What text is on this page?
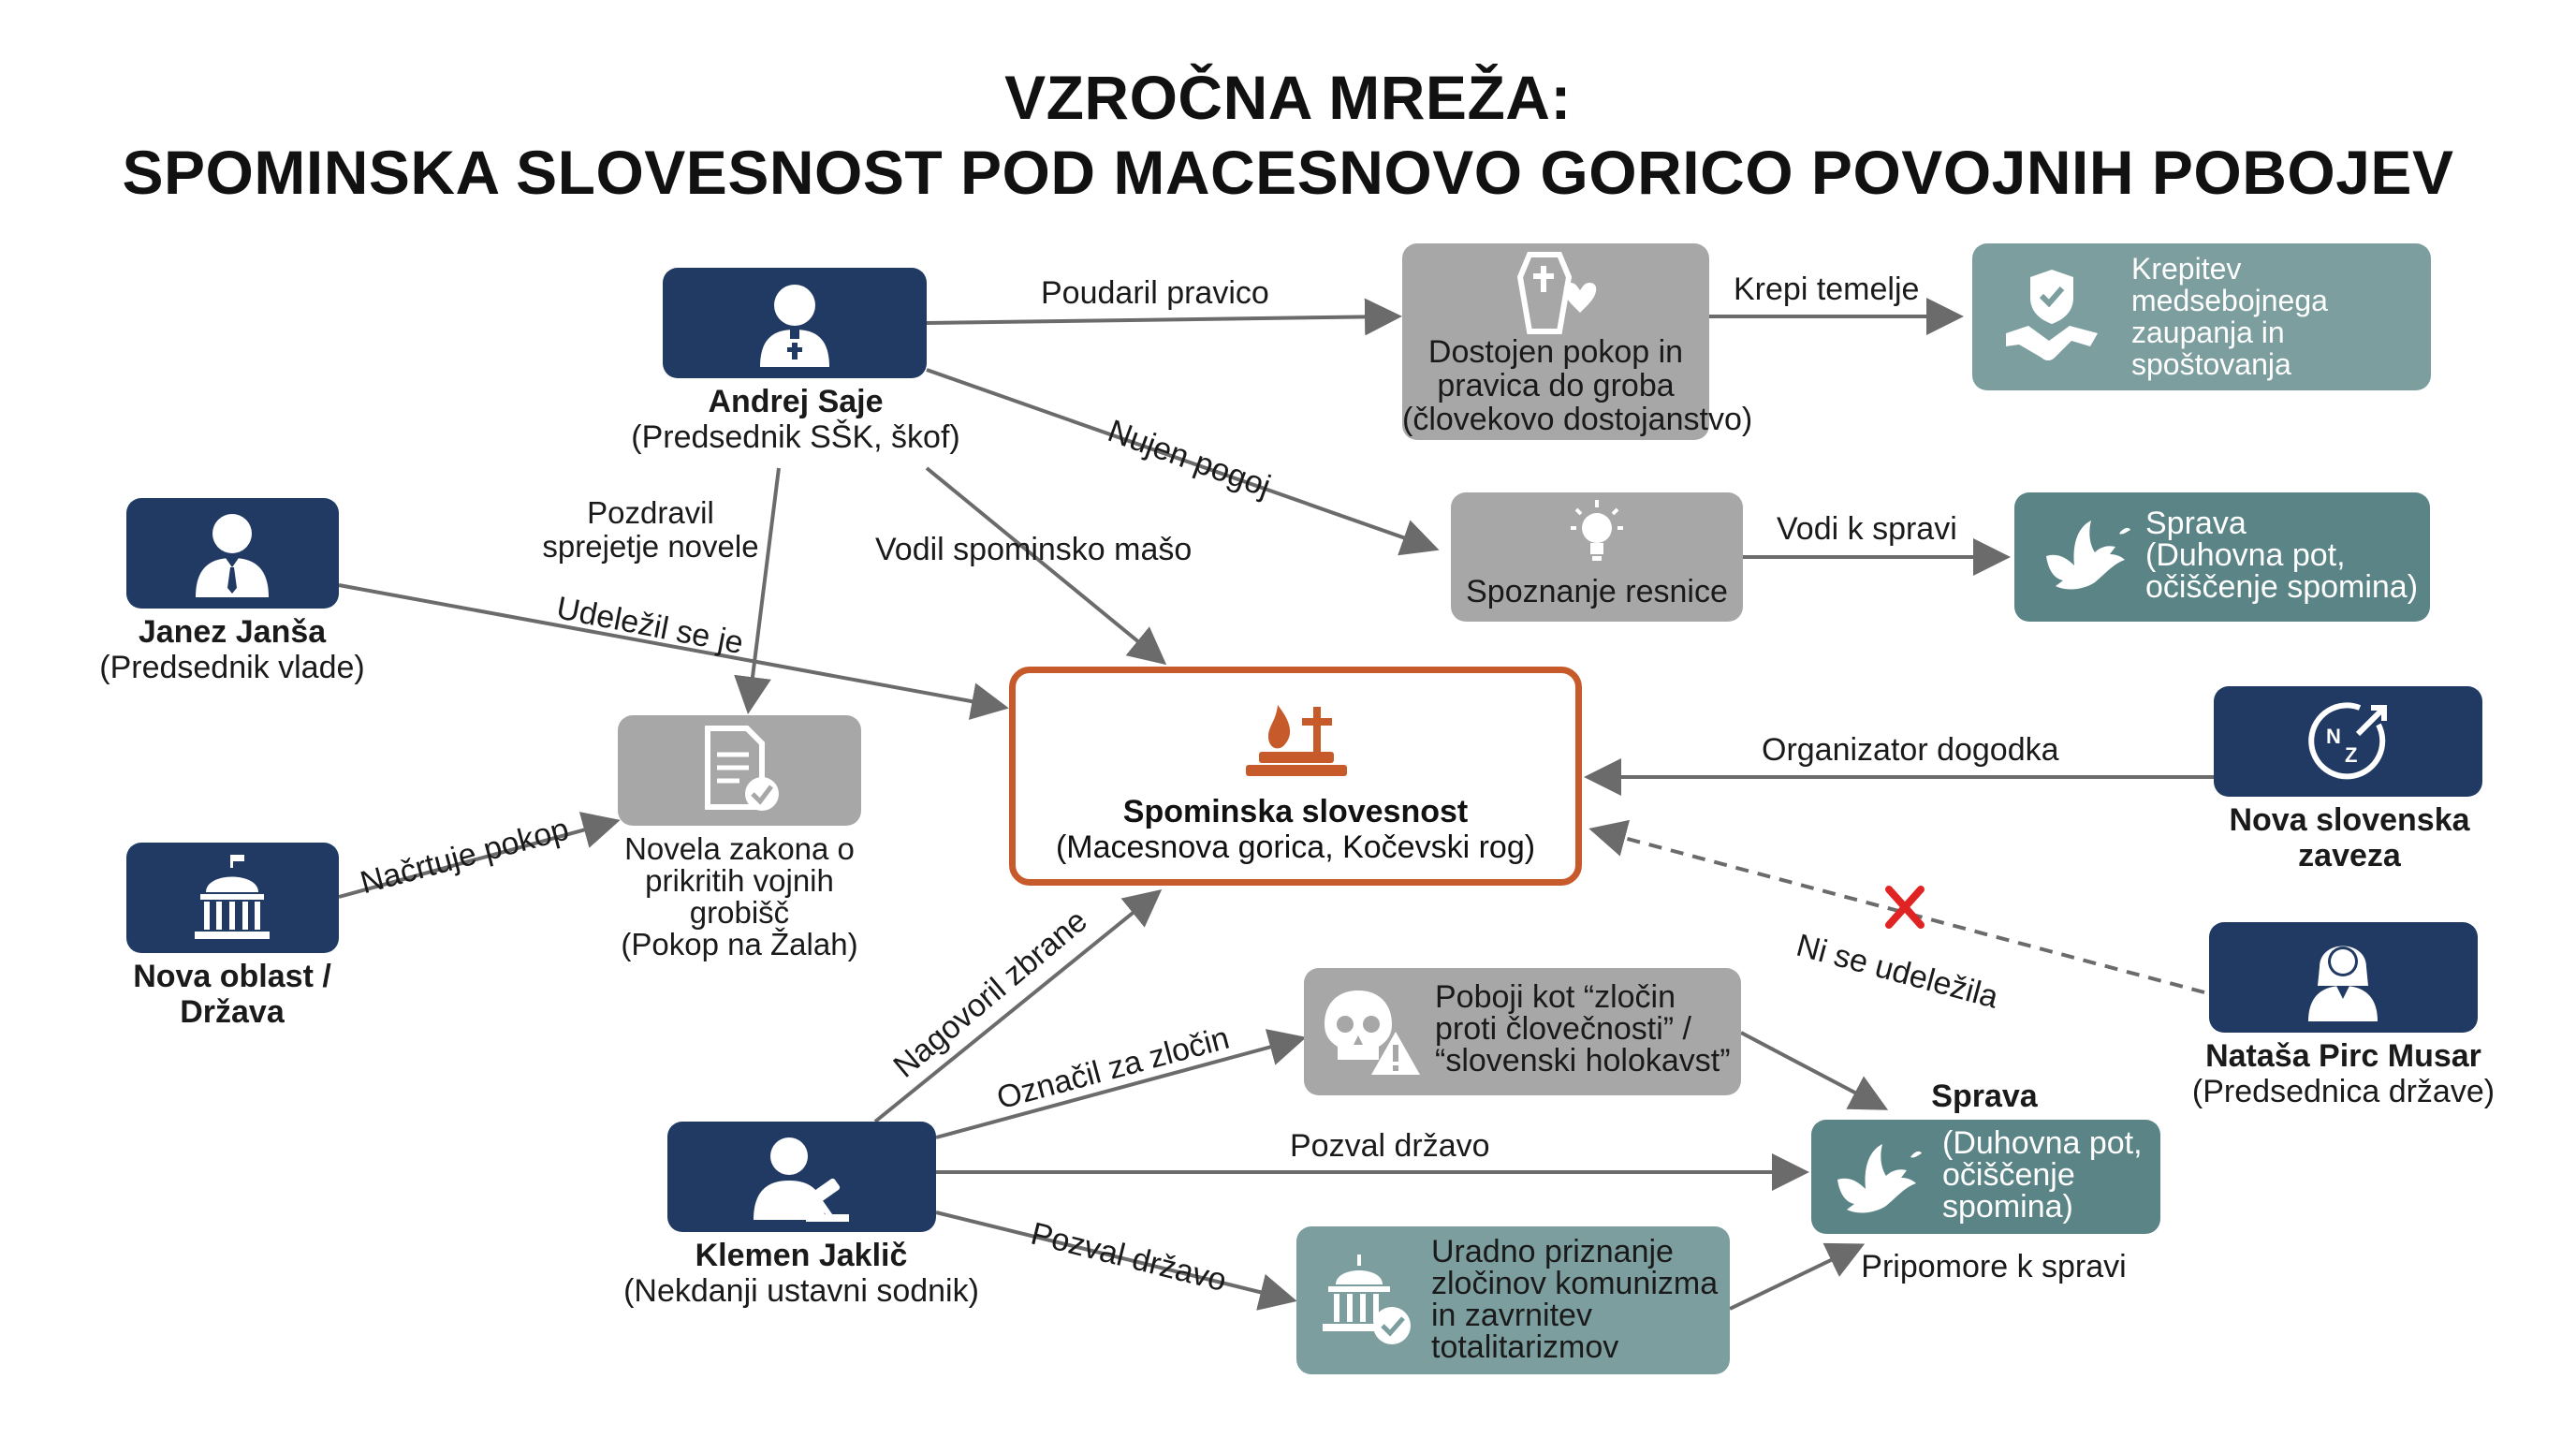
VZROČNA MREŽA:
SPOMINSKA SLOVESNOST POD MACESNOVO GORICO POVOJNIH POBOJEV
Andrej Saje
(Predsednik SŠK, škof)
Janez Janša
(Predsednik vlade)
Nova oblast /
Država
Klemen Jaklič
(Nekdanji ustavni sodnik)
N
Z
Nova slovenska
zaveza
Nataša Pirc Musar
(Predsednica države)
Spominska slovesnost
(Macesnova gorica, Kočevski rog)
Dostojen pokop in
pravica do groba
(človekovo dostojanstvo)
Krepitev
medsebojnega
zaupanja in
spoštovanja
Spoznanje resnice
Sprava
(Duhovna pot,
očiščenje spomina)
Novela zakona o
prikritih vojnih
grobišč
(Pokop na Žalah)
Poboji kot “zločin
proti človečnosti” /
“slovenski holokavst”
Sprava
(Duhovna pot,
očiščenje
spomina)
Pripomore k spravi
Uradno priznanje
zločinov komunizma
in zavrnitev
totalitarizmov
Poudaril pravico	Krepi temelje
Nujen pogoj
Vodi k spravi
Pozdravil
sprejetje novele	Vodil spominsko mašo
Udeležil se je
Načrtuje pokop
Organizator dogodka
Ni se udeležila
Nagovoril zbrane
Označil za zločin
Pozval državo
Pozval državo
